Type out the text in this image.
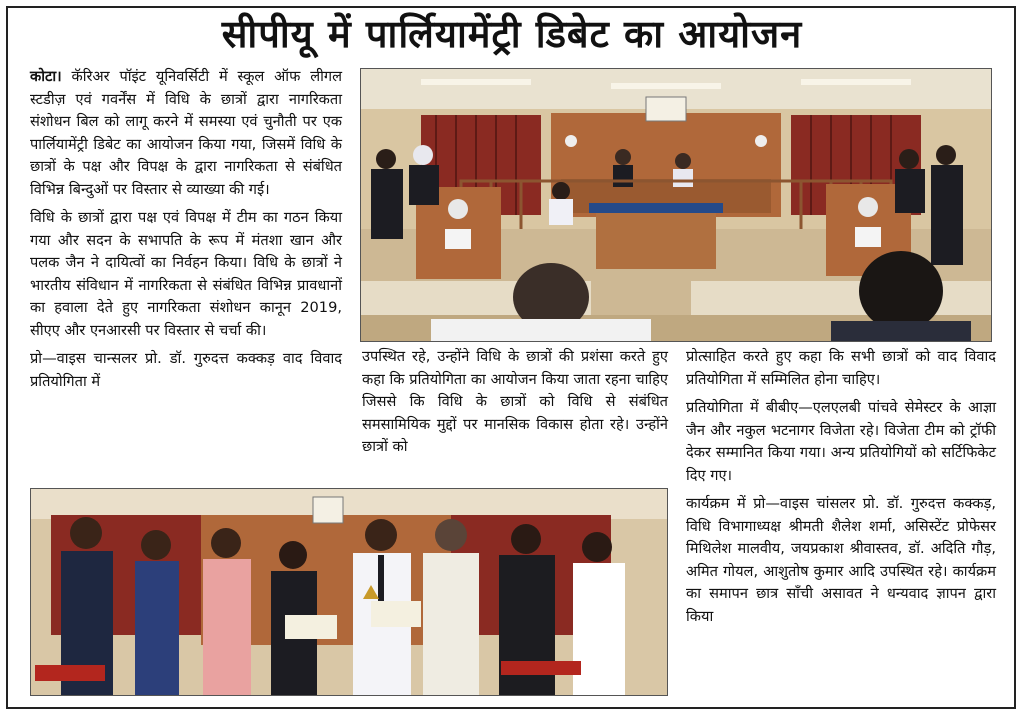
सीपीयू में पार्लियामेंट्री डिबेट का आयोजन

कोटा। कॅरिअर पॉइंट यूनिवर्सिटी में स्कूल ऑफ लीगल स्टडीज़ एवं गवर्नेंस में विधि के छात्रों द्वारा नागरिकता संशोधन बिल को लागू करने में समस्या एवं चुनौती पर एक पार्लियामेंट्री डिबेट का आयोजन किया गया, जिसमें विधि के छात्रों के पक्ष और विपक्ष के द्वारा नागरिकता से संबंधित विभिन्न बिन्दुओं पर विस्तार से व्याख्या की गई।

विधि के छात्रों द्वारा पक्ष एवं विपक्ष में टीम का गठन किया गया और सदन के सभापति के रूप में मंतशा खान और पलक जैन ने दायित्वों का निर्वहन किया। विधि के छात्रों ने भारतीय संविधान में नागरिकता से संबंधित विभिन्न प्रावधानों का हवाला देते हुए नागरिकता संशोधन कानून 2019, सीएए और एनआरसी पर विस्तार से चर्चा की।

प्रो—वाइस चान्सलर प्रो. डॉ. गुरुदत्त कक्कड़ वाद विवाद प्रतियोगिता में

उपस्थित रहे, उन्होंने विधि के छात्रों की प्रशंसा करते हुए कहा कि प्रतियोगिता का आयोजन किया जाता रहना चाहिए जिससे कि विधि के छात्रों को विधि से संबंधित समसामियिक मुद्दों पर मानसिक विकास होता रहे। उन्होंने छात्रों को

प्रोत्साहित करते हुए कहा कि सभी छात्रों को वाद विवाद प्रतियोगिता में सम्मिलित होना चाहिए।

प्रतियोगिता में बीबीए—एलएलबी पांचवे सेमेस्टर के आज्ञा जैन और नकुल भटनागर विजेता रहे। विजेता टीम को ट्रॉफी देकर सम्मानित किया गया। अन्य प्रतियोगियों को सर्टिफिकेट दिए गए।

कार्यक्रम में प्रो—वाइस चांसलर प्रो. डॉ. गुरुदत्त कक्कड़, विधि विभागाध्यक्ष श्रीमती शैलेश शर्मा, असिस्टेंट प्रोफेसर मिथिलेश मालवीय, जयप्रकाश श्रीवास्तव, डॉ. अदिति गौड़, अमित गोयल, आशुतोष कुमार आदि उपस्थित रहे। कार्यक्रम का समापन छात्र साँची असावत ने धन्यवाद ज्ञापन द्वारा किया
